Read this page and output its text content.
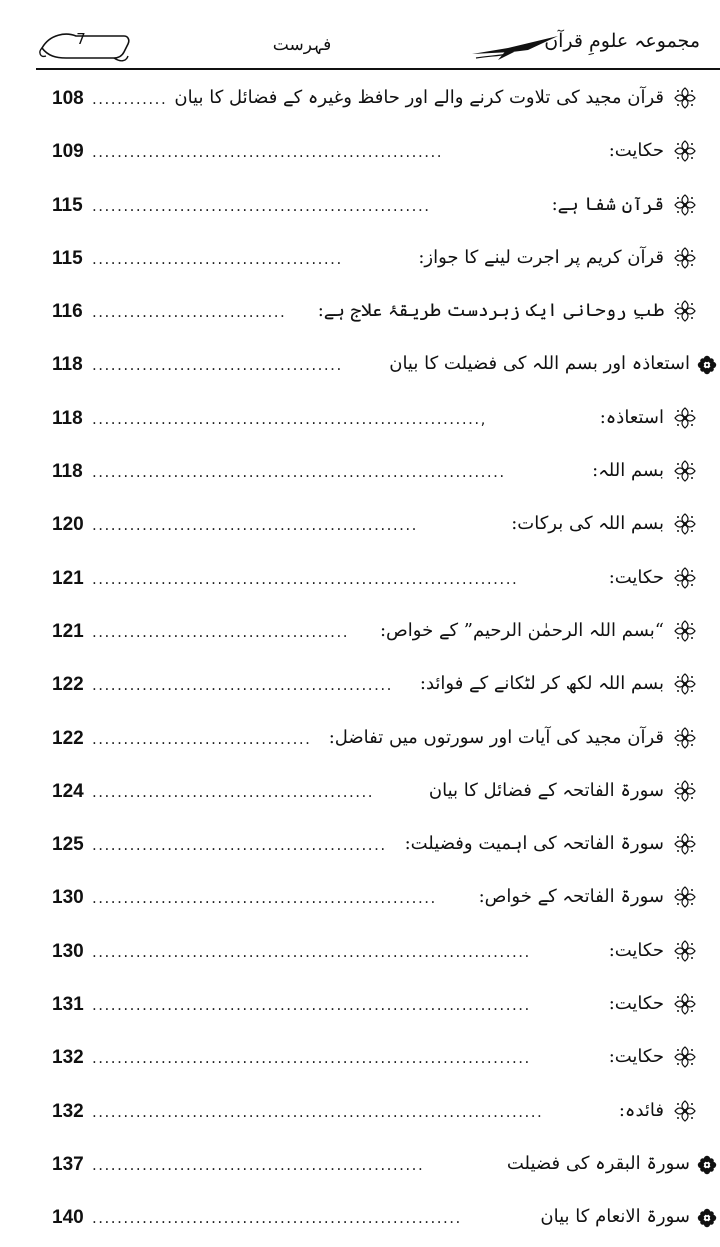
7	فہرست	مجموعہ علومِ قرآن
108 ............ قرآن مجید کی تلاوت کرنے والے اور حافظ وغیرہ کے فضائل کا بیان
109 ........................................................	حکایت:
115 ......................................................	قرآن شفا ہے:
115 ........................................	قرآن کریم پر اجرت لینے کا جواز:
116 ...............................	طبِ روحانی ایک زبردست طریقۂ علاج ہے:
118 ........................................	استعاذہ اور بسم اللہ کی فضیلت کا بیان
118 ..............................................................,	استعاذہ:
118 ..................................................................	بسم اللہ:
120 ....................................................	بسم اللہ کی برکات:
121 ....................................................................	حکایت:
121 .........................................	“بسم اللہ الرحمٰن الرحیم” کے خواص:
122 ................................................	بسم اللہ لکھ کر لٹکانے کے فوائد:
122 ................................... قرآن مجید کی آیات اور سورتوں میں تفاضل:
124 .............................................	سورۃ الفاتحہ کے فضائل کا بیان
125 ............................................... سورۃ الفاتحہ کی اہمیت وفضیلت:
130 .......................................................	سورۃ الفاتحہ کے خواص:
130 ......................................................................	حکایت:
131 ......................................................................	حکایت:
132 ......................................................................	حکایت:
132 ........................................................................	فائدہ:
137 .....................................................	سورۃ البقرہ کی فضیلت
140 ...........................................................	سورۃ الانعام کا بیان
